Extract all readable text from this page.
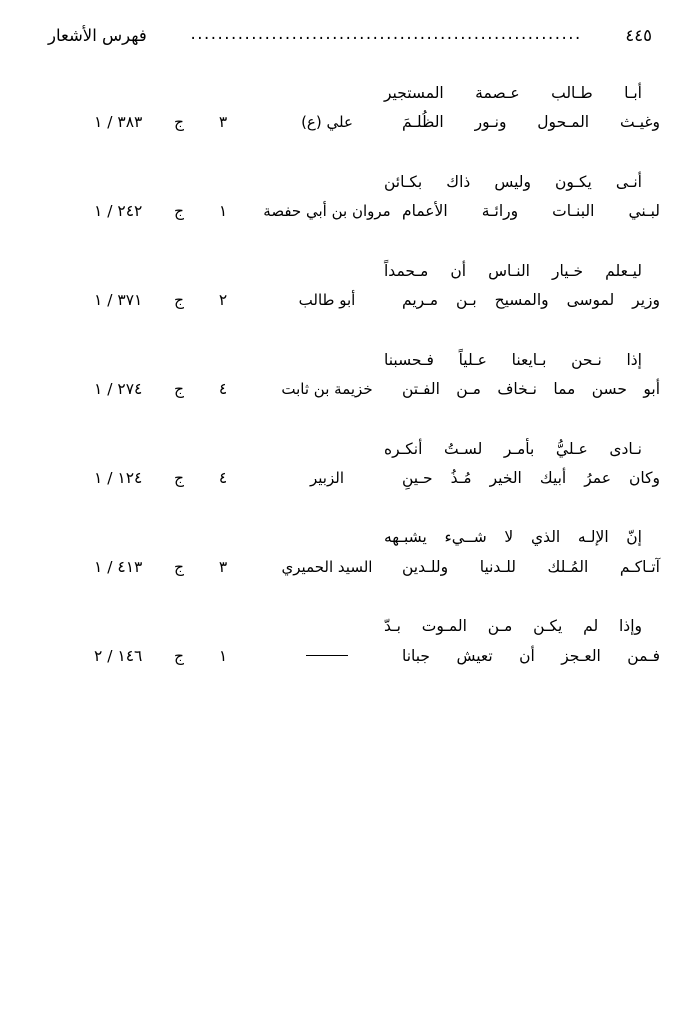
٤٤٥
..........................................................
فهرس الأشعار
أبـا طـالب عـصمة المستجير
وغيـث المـحول ونـور الظُلـمَ
علي (ع)
٣
ج
٣٨٣ / ١
أنـى يكـون وليس ذاك بكـائن
لبـني البنـات ورائـة الأعمام
مروان بن أبي حفصة
١
ج
٢٤٢ / ١
ليـعلم خـيار النـاس أن مـحمداً
وزير لموسى والمسيح بـن مـريم
أبو طالب
٢
ج
٣٧١ / ١
إذا نـحن بـايعنا عـلياً فـحسبنا
أبو حسن مما نـخاف مـن الفـتن
خزيمة بن ثابت
٤
ج
٢٧٤ / ١
نـادى عـليُّ بأمـر لسـتُ أنكـره
وكان عمرُ أبيك الخير مُـذُ حـينِ
الزبير
٤
ج
١٢٤ / ١
إنّ الإلـه الذي لا شــيء يشبـهه
آتـاكـم المُـلك للـدنيا وللـدين
السيد الحميري
٣
ج
٤١٣ / ١
وإذا لم يكـن مـن المـوت بـدّ
فـمن العـجز أن تعيش جبانا
١
ج
١٤٦ / ٢
